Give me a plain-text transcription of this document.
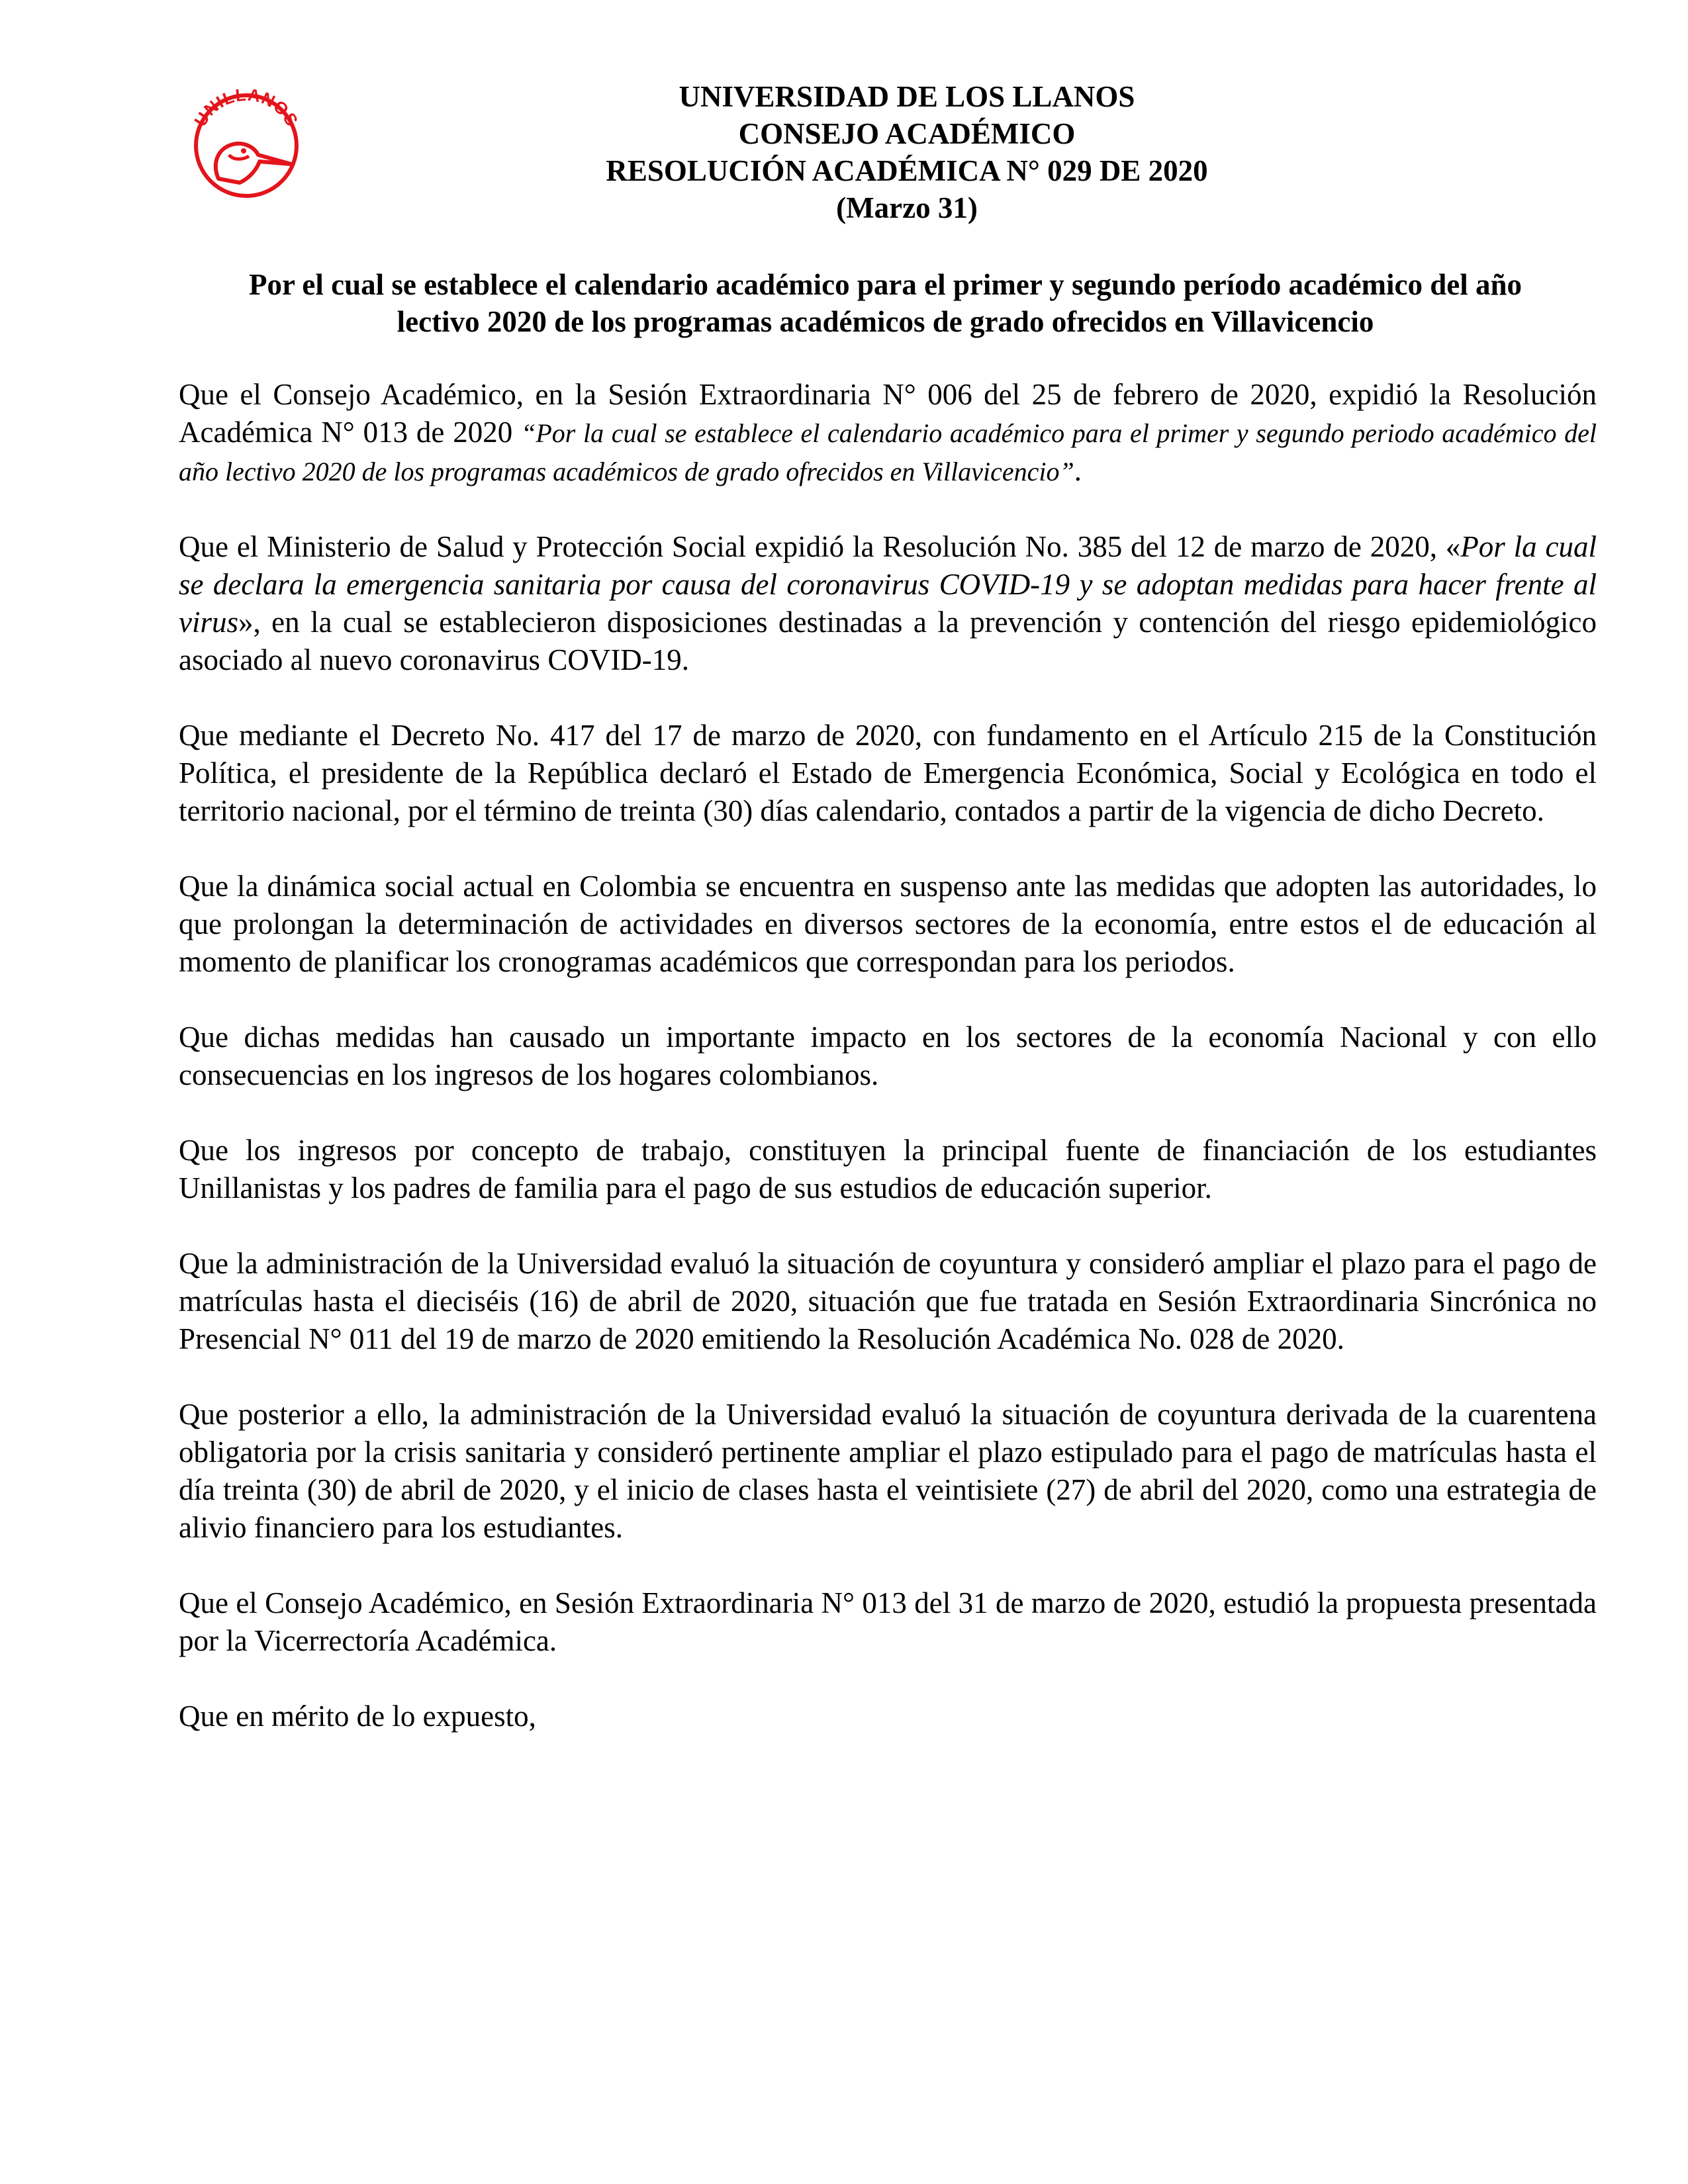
UNILLANOS
UNIVERSIDAD DE LOS LLANOS
CONSEJO ACADÉMICO
RESOLUCIÓN ACADÉMICA N° 029 DE 2020
(Marzo 31)
Por el cual se establece el calendario académico para el primer y segundo período académico del año
lectivo 2020 de los programas académicos de grado ofrecidos en Villavicencio

Que el Consejo Académico, en la Sesión Extraordinaria N° 006 del 25 de febrero de 2020, expidió la Resolución Académica N° 013 de 2020 “Por la cual se establece el calendario académico para el primer y segundo periodo académico del año lectivo 2020 de los programas académicos de grado ofrecidos en Villavicencio”.

Que el Ministerio de Salud y Protección Social expidió la Resolución No. 385 del 12 de marzo de 2020, «Por la cual se declara la emergencia sanitaria por causa del coronavirus COVID-19 y se adoptan medidas para hacer frente al virus», en la cual se establecieron disposiciones destinadas a la prevención y contención del riesgo epidemiológico asociado al nuevo coronavirus COVID-19.

Que mediante el Decreto No. 417 del 17 de marzo de 2020, con fundamento en el Artículo 215 de la Constitución Política, el presidente de la República declaró el Estado de Emergencia Económica, Social y Ecológica en todo el territorio nacional, por el término de treinta (30) días calendario, contados a partir de la vigencia de dicho Decreto.

Que la dinámica social actual en Colombia se encuentra en suspenso ante las medidas que adopten las autoridades, lo que prolongan la determinación de actividades en diversos sectores de la economía, entre estos el de educación al momento de planificar los cronogramas académicos que correspondan para los periodos.

Que dichas medidas han causado un importante impacto en los sectores de la economía Nacional y con ello consecuencias en los ingresos de los hogares colombianos.

Que los ingresos por concepto de trabajo, constituyen la principal fuente de financiación de los estudiantes Unillanistas y los padres de familia para el pago de sus estudios de educación superior.

Que la administración de la Universidad evaluó la situación de coyuntura y consideró ampliar el plazo para el pago de matrículas hasta el dieciséis (16) de abril de 2020, situación que fue tratada en Sesión Extraordinaria Sincrónica no Presencial N° 011 del 19 de marzo de 2020 emitiendo la Resolución Académica No. 028 de 2020.

Que posterior a ello, la administración de la Universidad evaluó la situación de coyuntura derivada de la cuarentena obligatoria por la crisis sanitaria y consideró pertinente ampliar el plazo estipulado para el pago de matrículas hasta el día treinta (30) de abril de 2020, y el inicio de clases hasta el veintisiete (27) de abril del 2020, como una estrategia de alivio financiero para los estudiantes.

Que el Consejo Académico, en Sesión Extraordinaria N° 013 del 31 de marzo de 2020, estudió la propuesta presentada por la Vicerrectoría Académica.

Que en mérito de lo expuesto,
